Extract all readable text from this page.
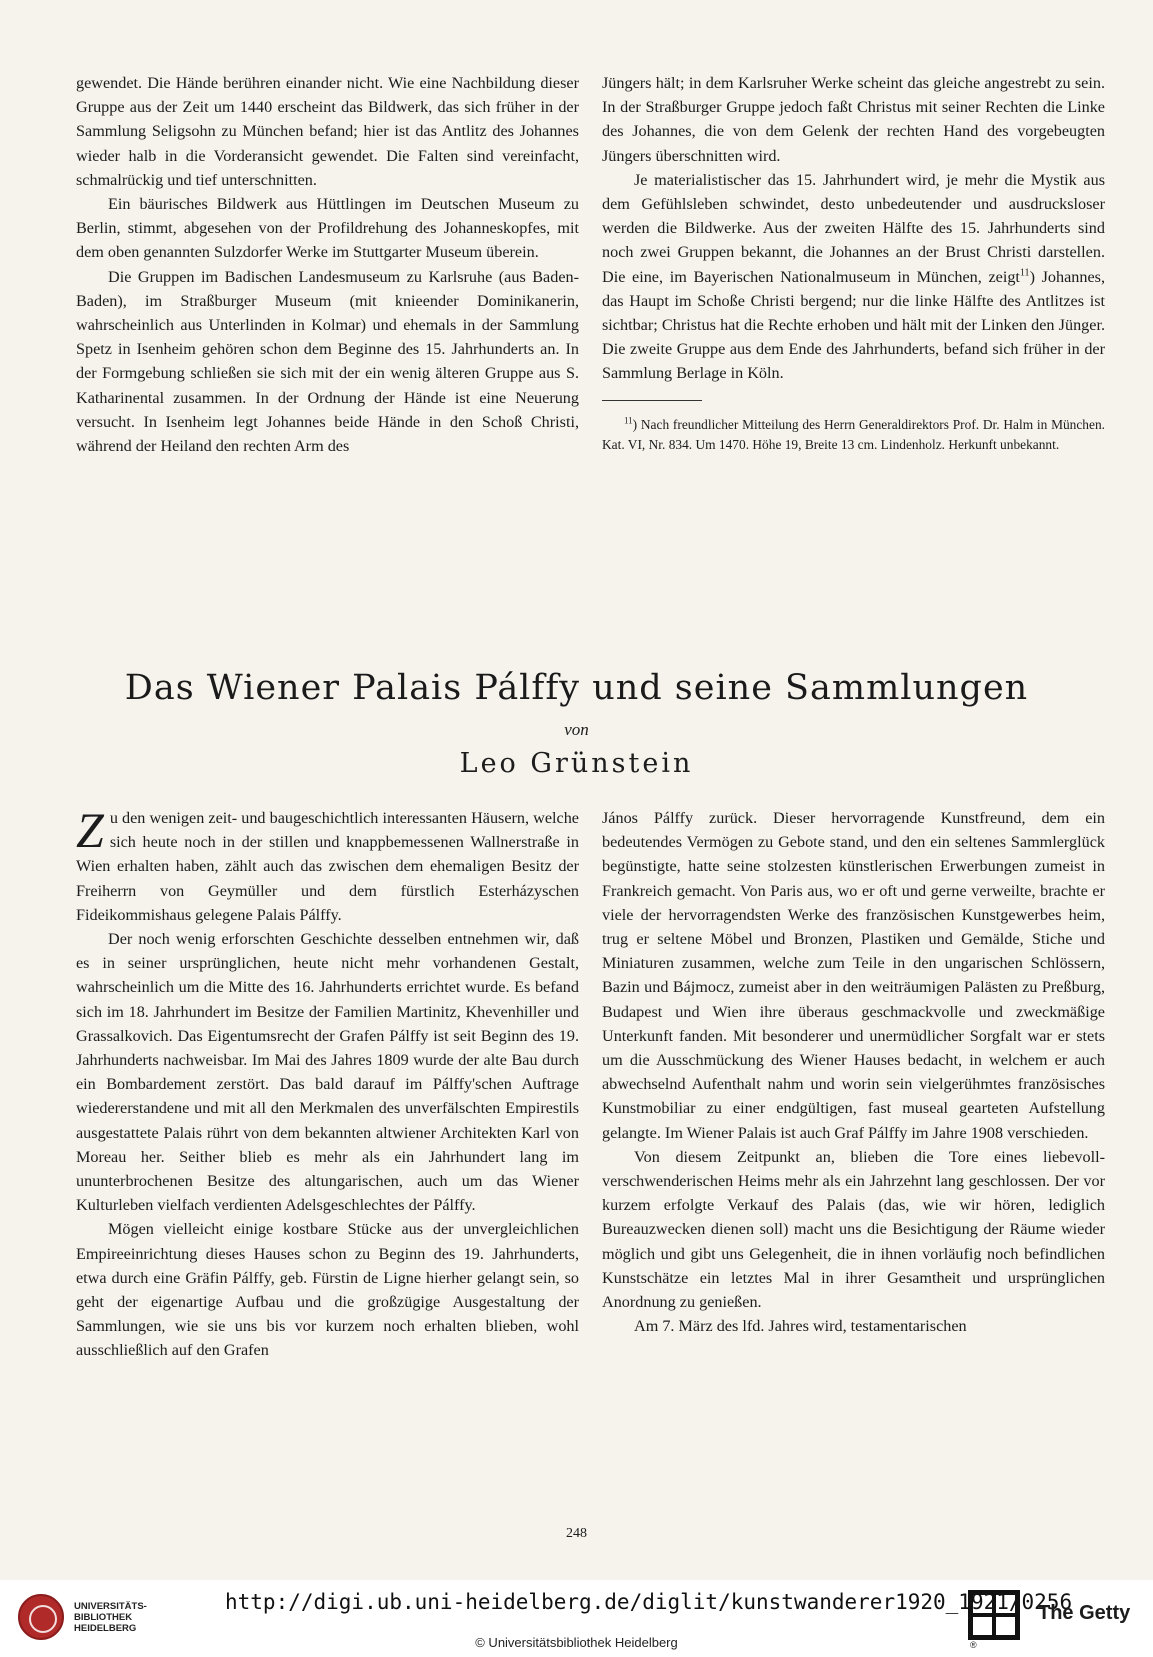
gewendet. Die Hände berühren einander nicht. Wie eine Nachbildung dieser Gruppe aus der Zeit um 1440 erscheint das Bildwerk, das sich früher in der Sammlung Seligsohn zu München befand; hier ist das Antlitz des Johannes wieder halb in die Vorderansicht gewendet. Die Falten sind vereinfacht, schmalrückig und tief unterschnitten.

Ein bäurisches Bildwerk aus Hüttlingen im Deutschen Museum zu Berlin, stimmt, abgesehen von der Profildrehung des Johanneskopfes, mit dem oben genannten Sulzdorfer Werke im Stuttgarter Museum überein.

Die Gruppen im Badischen Landesmuseum zu Karlsruhe (aus Baden-Baden), im Straßburger Museum (mit knieender Dominikanerin, wahrscheinlich aus Unterlinden in Kolmar) und ehemals in der Sammlung Spetz in Isenheim gehören schon dem Beginne des 15. Jahrhunderts an. In der Formgebung schließen sie sich mit der ein wenig älteren Gruppe aus S. Katharinental zusammen. In der Ordnung der Hände ist eine Neuerung versucht. In Isenheim legt Johannes beide Hände in den Schoß Christi, während der Heiland den rechten Arm des

Jüngers hält; in dem Karlsruher Werke scheint das gleiche angestrebt zu sein. In der Straßburger Gruppe jedoch faßt Christus mit seiner Rechten die Linke des Johannes, die von dem Gelenk der rechten Hand des vorgebeugten Jüngers überschnitten wird.

Je materialistischer das 15. Jahrhundert wird, je mehr die Mystik aus dem Gefühlsleben schwindet, desto unbedeutender und ausdrucksloser werden die Bildwerke. Aus der zweiten Hälfte des 15. Jahrhunderts sind noch zwei Gruppen bekannt, die Johannes an der Brust Christi darstellen. Die eine, im Bayerischen Nationalmuseum in München, zeigt$^{11}$) Johannes, das Haupt im Schoße Christi bergend; nur die linke Hälfte des Antlitzes ist sichtbar; Christus hat die Rechte erhoben und hält mit der Linken den Jünger. Die zweite Gruppe aus dem Ende des Jahrhunderts, befand sich früher in der Sammlung Berlage in Köln.

$^{11}$) Nach freundlicher Mitteilung des Herrn Generaldirektors Prof. Dr. Halm in München. Kat. VI, Nr. 834. Um 1470. Höhe 19, Breite 13 cm. Lindenholz. Herkunft unbekannt.
Das Wiener Palais Pálffy und seine Sammlungen
von
Leo Grünstein

Zu den wenigen zeit- und baugeschichtlich interessanten Häusern, welche sich heute noch in der stillen und knappbemessenen Wallnerstraße in Wien erhalten haben, zählt auch das zwischen dem ehemaligen Besitz der Freiherrn von Geymüller und dem fürstlich Esterházyschen Fideikommishaus gelegene Palais Pálffy.

Der noch wenig erforschten Geschichte desselben entnehmen wir, daß es in seiner ursprünglichen, heute nicht mehr vorhandenen Gestalt, wahrscheinlich um die Mitte des 16. Jahrhunderts errichtet wurde. Es befand sich im 18. Jahrhundert im Besitze der Familien Martinitz, Khevenhiller und Grassalkovich. Das Eigentumsrecht der Grafen Pálffy ist seit Beginn des 19. Jahrhunderts nachweisbar. Im Mai des Jahres 1809 wurde der alte Bau durch ein Bombardement zerstört. Das bald darauf im Pálffy'schen Auftrage wiedererstandene und mit all den Merkmalen des unverfälschten Empirestils ausgestattete Palais rührt von dem bekannten altwiener Architekten Karl von Moreau her. Seither blieb es mehr als ein Jahrhundert lang im ununterbrochenen Besitze des altungarischen, auch um das Wiener Kulturleben vielfach verdienten Adelsgeschlechtes der Pálffy.

Mögen vielleicht einige kostbare Stücke aus der unvergleichlichen Empireeinrichtung dieses Hauses schon zu Beginn des 19. Jahrhunderts, etwa durch eine Gräfin Pálffy, geb. Fürstin de Ligne hierher gelangt sein, so geht der eigenartige Aufbau und die großzügige Ausgestaltung der Sammlungen, wie sie uns bis vor kurzem noch erhalten blieben, wohl ausschließlich auf den Grafen

János Pálffy zurück. Dieser hervorragende Kunstfreund, dem ein bedeutendes Vermögen zu Gebote stand, und den ein seltenes Sammlerglück begünstigte, hatte seine stolzesten künstlerischen Erwerbungen zumeist in Frankreich gemacht. Von Paris aus, wo er oft und gerne verweilte, brachte er viele der hervorragendsten Werke des französischen Kunstgewerbes heim, trug er seltene Möbel und Bronzen, Plastiken und Gemälde, Stiche und Miniaturen zusammen, welche zum Teile in den ungarischen Schlössern, Bazin und Bájmocz, zumeist aber in den weiträumigen Palästen zu Preßburg, Budapest und Wien ihre überaus geschmackvolle und zweckmäßige Unterkunft fanden. Mit besonderer und unermüdlicher Sorgfalt war er stets um die Ausschmückung des Wiener Hauses bedacht, in welchem er auch abwechselnd Aufenthalt nahm und worin sein vielgerühmtes französisches Kunstmobiliar zu einer endgültigen, fast museal gearteten Aufstellung gelangte. Im Wiener Palais ist auch Graf Pálffy im Jahre 1908 verschieden.

Von diesem Zeitpunkt an, blieben die Tore eines liebevoll-verschwenderischen Heims mehr als ein Jahrzehnt lang geschlossen. Der vor kurzem erfolgte Verkauf des Palais (das, wie wir hören, lediglich Bureauzwecken dienen soll) macht uns die Besichtigung der Räume wieder möglich und gibt uns Gelegenheit, die in ihnen vorläufig noch befindlichen Kunstschätze ein letztes Mal in ihrer Gesamtheit und ursprünglichen Anordnung zu genießen.

Am 7. März des lfd. Jahres wird, testamentarischen

248
UNIVERSITÄTS-
BIBLIOTHEK
HEIDELBERG
http://digi.ub.uni-heidelberg.de/diglit/kunstwanderer1920_1921/0256
© Universitätsbibliothek Heidelberg	®
The Getty
